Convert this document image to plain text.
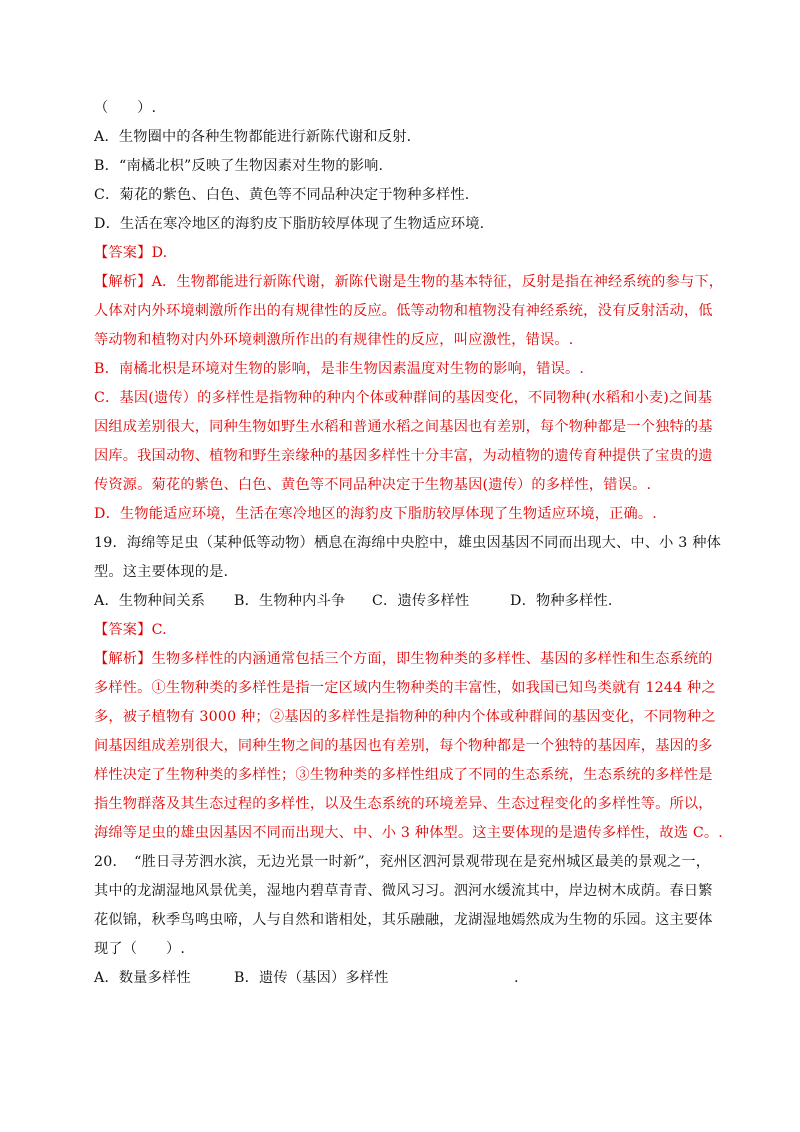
（　　）.
A．生物圈中的各种生物都能进行新陈代谢和反射.
B．“南橘北枳”反映了生物因素对生物的影响.
C．菊花的紫色、白色、黄色等不同品种决定于物种多样性.
D．生活在寒冷地区的海豹皮下脂肪较厚体现了生物适应环境.
【答案】D.
【解析】A．生物都能进行新陈代谢，新陈代谢是生物的基本特征，反射是指在神经系统的参与下，
人体对内外环境刺激所作出的有规律性的反应。低等动物和植物没有神经系统，没有反射活动，低
等动物和植物对内外环境刺激所作出的有规律性的反应，叫应激性，错误。.
B．南橘北枳是环境对生物的影响，是非生物因素温度对生物的影响，错误。.
C．基因(遗传）的多样性是指物种的种内个体或种群间的基因变化，不同物种(水稻和小麦)之间基
因组成差别很大，同种生物如野生水稻和普通水稻之间基因也有差别，每个物种都是一个独特的基
因库。我国动物、植物和野生亲缘种的基因多样性十分丰富，为动植物的遗传育种提供了宝贵的遗
传资源。菊花的紫色、白色、黄色等不同品种决定于生物基因(遗传）的多样性，错误。.
D．生物能适应环境，生活在寒冷地区的海豹皮下脂肪较厚体现了生物适应环境，正确。.
19．海绵等足虫（某种低等动物）栖息在海绵中央腔中，雄虫因基因不同而出现大、中、小 3 种体
型。这主要体现的是.
A．生物种间关系	B．生物种内斗争	C．遗传多样性	D．物种多样性.
【答案】C.
【解析】生物多样性的内涵通常包括三个方面，即生物种类的多样性、基因的多样性和生态系统的
多样性。①生物种类的多样性是指一定区域内生物种类的丰富性，如我国已知鸟类就有 1244 种之
多，被子植物有 3000 种；②基因的多样性是指物种的种内个体或种群间的基因变化，不同物种之
间基因组成差别很大，同种生物之间的基因也有差别，每个物种都是一个独特的基因库，基因的多
样性决定了生物种类的多样性；③生物种类的多样性组成了不同的生态系统，生态系统的多样性是
指生物群落及其生态过程的多样性，以及生态系统的环境差异、生态过程变化的多样性等。所以，
海绵等足虫的雄虫因基因不同而出现大、中、小 3 种体型。这主要体现的是遗传多样性，故选 C。.
20．　“胜日寻芳泗水滨，无边光景一时新”，兖州区泗河景观带现在是兖州城区最美的景观之一，
其中的龙湖湿地风景优美，湿地内碧草青青、微风习习。泗河水缓流其中，岸边树木成荫。春日繁
花似锦，秋季鸟鸣虫啼，人与自然和谐相处，其乐融融，龙湖湿地嫣然成为生物的乐园。这主要体
现了（　　）.
A．数量多样性	B．遗传（基因）多样性	.
